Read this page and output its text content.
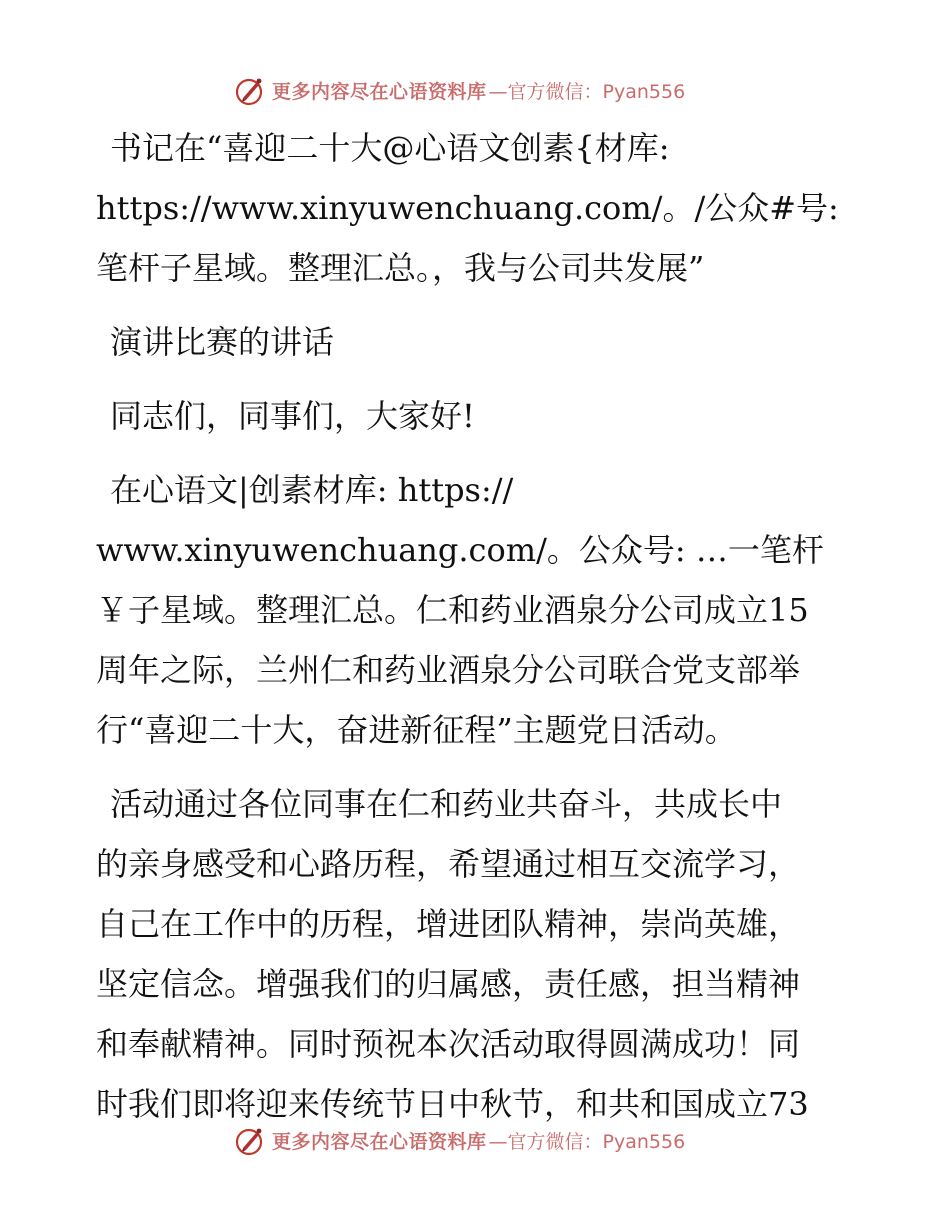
更多内容尽在心语资料库 —官方微信：Pyan556
书记在“喜迎二十大@心语文创素{材库:
https://www.xinyuwenchuang.com/。/公众#号:
笔杆子星域。整理汇总。，我与公司共发展”
演讲比赛的讲话
同志们，同事们，大家好!
在心语文|创素材库: https://
www.xinyuwenchuang.com/。公众号: …一笔杆
￥子星域。整理汇总。仁和药业酒泉分公司成立15
周年之际，兰州仁和药业酒泉分公司联合党支部举
行“喜迎二十大，奋进新征程”主题党日活动。
活动通过各位同事在仁和药业共奋斗，共成长中
的亲身感受和心路历程，希望通过相互交流学习，
自己在工作中的历程，增进团队精神，崇尚英雄，
坚定信念。增强我们的归属感，责任感，担当精神
和奉献精神。同时预祝本次活动取得圆满成功！同
时我们即将迎来传统节日中秋节，和共和国成立73
更多内容尽在心语资料库 —官方微信：Pyan556
